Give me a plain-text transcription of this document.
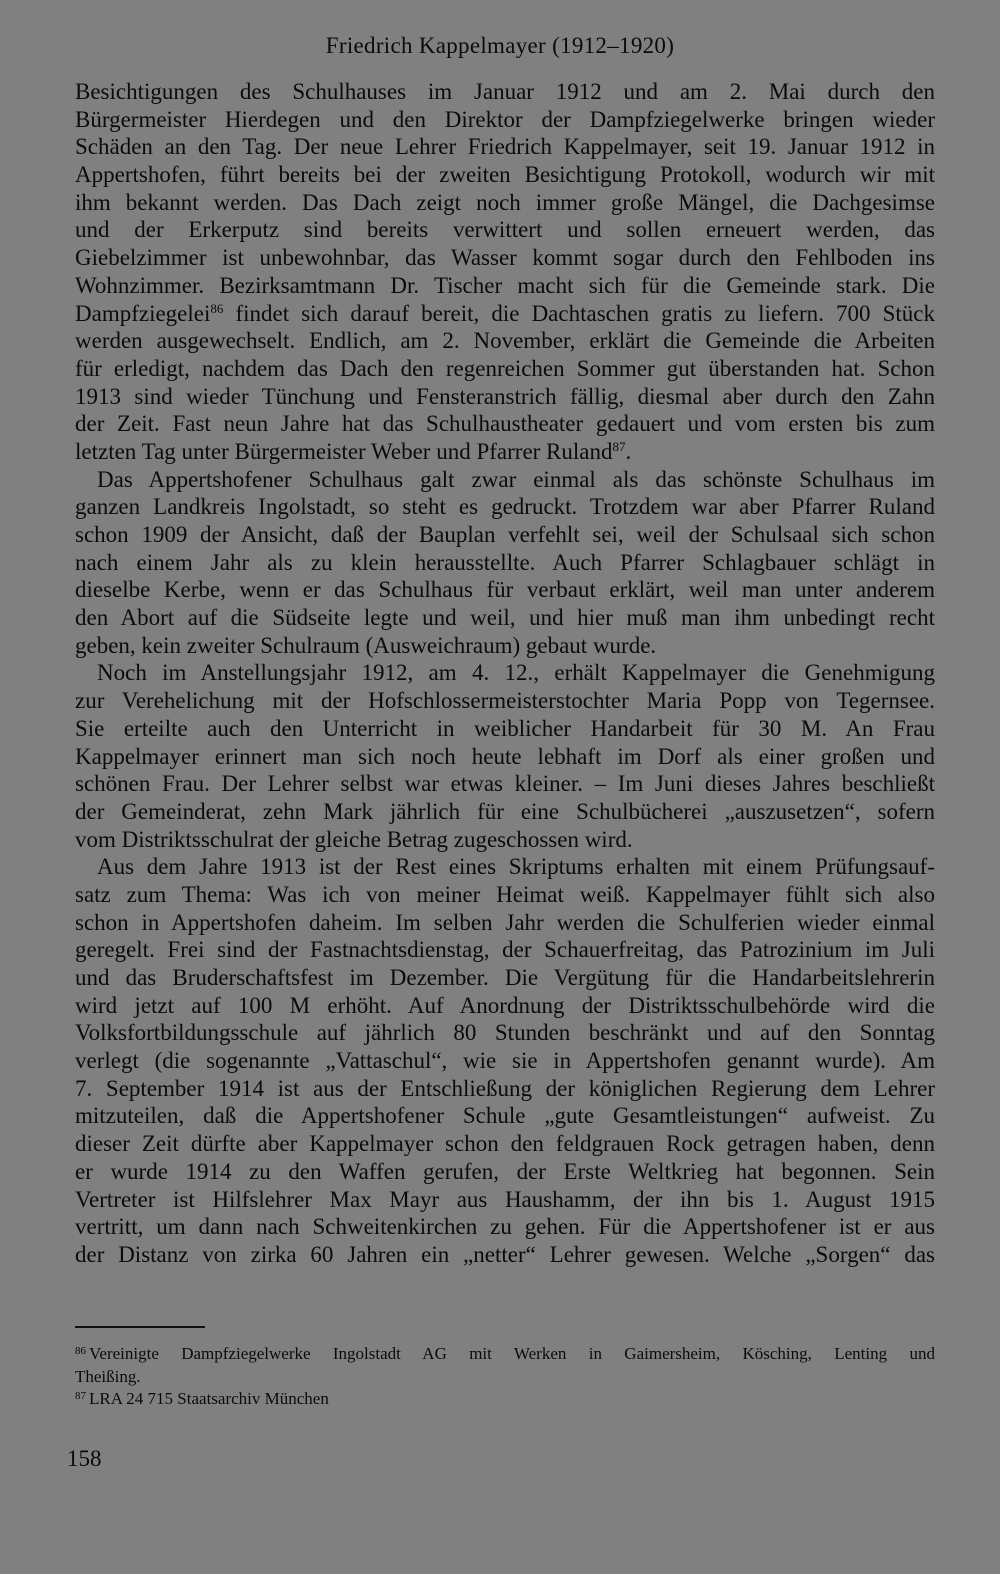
Friedrich Kappelmayer (1912–1920)
Besichtigungen des Schulhauses im Januar 1912 und am 2. Mai durch den
Bürgermeister Hierdegen und den Direktor der Dampfziegelwerke bringen wieder
Schäden an den Tag. Der neue Lehrer Friedrich Kappelmayer, seit 19. Januar 1912 in
Appertshofen, führt bereits bei der zweiten Besichtigung Protokoll, wodurch wir mit
ihm bekannt werden. Das Dach zeigt noch immer große Mängel, die Dachgesimse
und der Erkerputz sind bereits verwittert und sollen erneuert werden, das
Giebelzimmer ist unbewohnbar, das Wasser kommt sogar durch den Fehlboden ins
Wohnzimmer. Bezirksamtmann Dr. Tischer macht sich für die Gemeinde stark. Die
Dampfziegelei$^{86}$ findet sich darauf bereit, die Dachtaschen gratis zu liefern. 700 Stück
werden ausgewechselt. Endlich, am 2. November, erklärt die Gemeinde die Arbeiten
für erledigt, nachdem das Dach den regenreichen Sommer gut überstanden hat. Schon
1913 sind wieder Tünchung und Fensteranstrich fällig, diesmal aber durch den Zahn
der Zeit. Fast neun Jahre hat das Schulhaustheater gedauert und vom ersten bis zum
letzten Tag unter Bürgermeister Weber und Pfarrer Ruland$^{87}$.
Das Appertshofener Schulhaus galt zwar einmal als das schönste Schulhaus im
ganzen Landkreis Ingolstadt, so steht es gedruckt. Trotzdem war aber Pfarrer Ruland
schon 1909 der Ansicht, daß der Bauplan verfehlt sei, weil der Schulsaal sich schon
nach einem Jahr als zu klein herausstellte. Auch Pfarrer Schlagbauer schlägt in
dieselbe Kerbe, wenn er das Schulhaus für verbaut erklärt, weil man unter anderem
den Abort auf die Südseite legte und weil, und hier muß man ihm unbedingt recht
geben, kein zweiter Schulraum (Ausweichraum) gebaut wurde.
Noch im Anstellungsjahr 1912, am 4. 12., erhält Kappelmayer die Genehmigung
zur Verehelichung mit der Hofschlossermeisterstochter Maria Popp von Tegernsee.
Sie erteilte auch den Unterricht in weiblicher Handarbeit für 30 M. An Frau
Kappelmayer erinnert man sich noch heute lebhaft im Dorf als einer großen und
schönen Frau. Der Lehrer selbst war etwas kleiner. – Im Juni dieses Jahres beschließt
der Gemeinderat, zehn Mark jährlich für eine Schulbücherei „auszusetzen“, sofern
vom Distriktsschulrat der gleiche Betrag zugeschossen wird.
Aus dem Jahre 1913 ist der Rest eines Skriptums erhalten mit einem Prüfungsauf-
satz zum Thema: Was ich von meiner Heimat weiß. Kappelmayer fühlt sich also
schon in Appertshofen daheim. Im selben Jahr werden die Schulferien wieder einmal
geregelt. Frei sind der Fastnachtsdienstag, der Schauerfreitag, das Patrozinium im Juli
und das Bruderschaftsfest im Dezember. Die Vergütung für die Handarbeitslehrerin
wird jetzt auf 100 M erhöht. Auf Anordnung der Distriktsschulbehörde wird die
Volksfortbildungsschule auf jährlich 80 Stunden beschränkt und auf den Sonntag
verlegt (die sogenannte „Vattaschul“, wie sie in Appertshofen genannt wurde). Am
7. September 1914 ist aus der Entschließung der königlichen Regierung dem Lehrer
mitzuteilen, daß die Appertshofener Schule „gute Gesamtleistungen“ aufweist. Zu
dieser Zeit dürfte aber Kappelmayer schon den feldgrauen Rock getragen haben, denn
er wurde 1914 zu den Waffen gerufen, der Erste Weltkrieg hat begonnen. Sein
Vertreter ist Hilfslehrer Max Mayr aus Haushamm, der ihn bis 1. August 1915
vertritt, um dann nach Schweitenkirchen zu gehen. Für die Appertshofener ist er aus
der Distanz von zirka 60 Jahren ein „netter“ Lehrer gewesen. Welche „Sorgen“ das
$^{86}$ Vereinigte Dampfziegelwerke Ingolstadt AG mit Werken in Gaimersheim, Kösching, Lenting und
Theißing.
$^{87}$ LRA 24 715 Staatsarchiv München
158
